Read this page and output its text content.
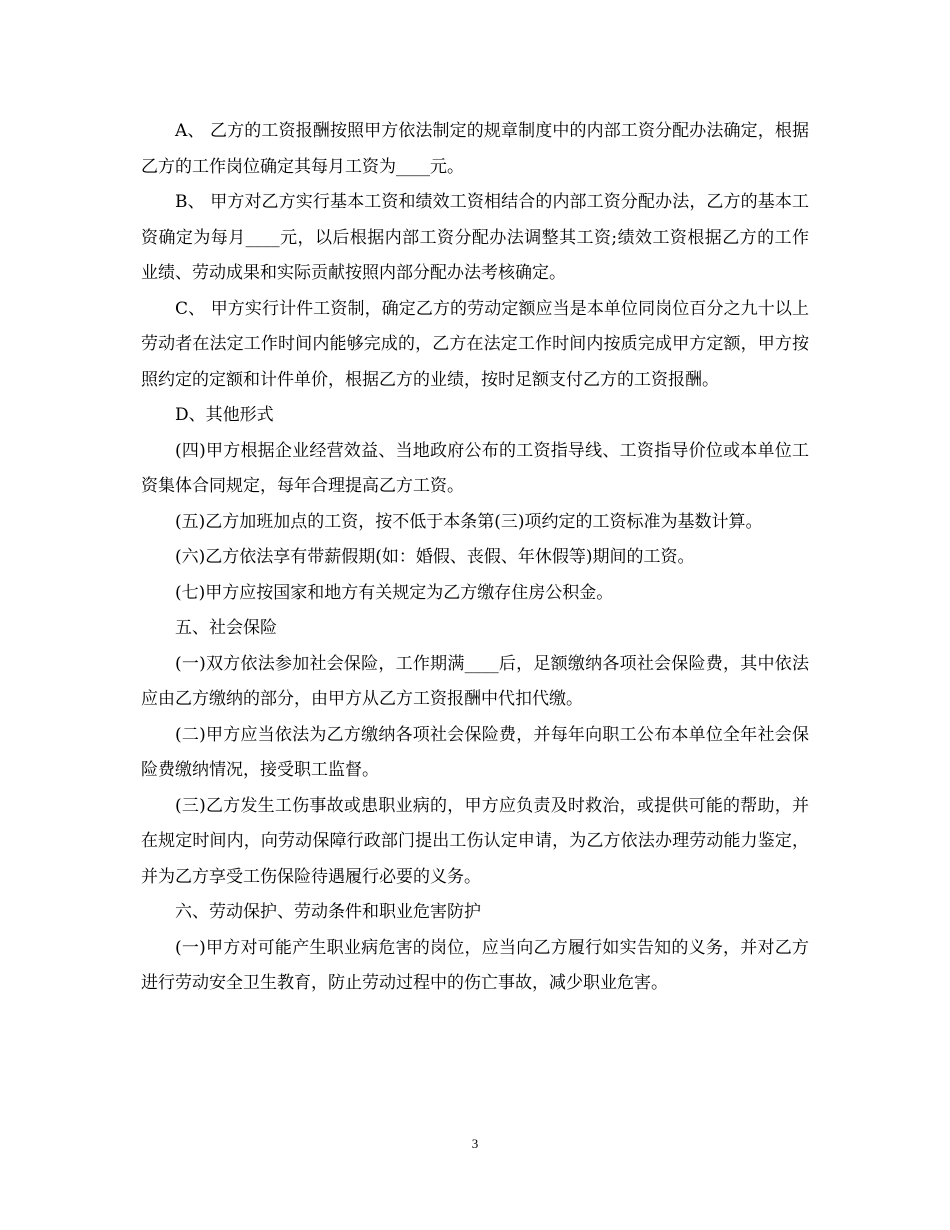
A、 乙方的工资报酬按照甲方依法制定的规章制度中的内部工资分配办法确定，根据乙方的工作岗位确定其每月工资为____元。

B、 甲方对乙方实行基本工资和绩效工资相结合的内部工资分配办法，乙方的基本工资确定为每月____元，以后根据内部工资分配办法调整其工资;绩效工资根据乙方的工作业绩、劳动成果和实际贡献按照内部分配办法考核确定。

C、 甲方实行计件工资制，确定乙方的劳动定额应当是本单位同岗位百分之九十以上劳动者在法定工作时间内能够完成的，乙方在法定工作时间内按质完成甲方定额，甲方按照约定的定额和计件单价，根据乙方的业绩，按时足额支付乙方的工资报酬。

D、其他形式

(四)甲方根据企业经营效益、当地政府公布的工资指导线、工资指导价位或本单位工资集体合同规定，每年合理提高乙方工资。

(五)乙方加班加点的工资，按不低于本条第(三)项约定的工资标准为基数计算。

(六)乙方依法享有带薪假期(如：婚假、丧假、年休假等)期间的工资。

(七)甲方应按国家和地方有关规定为乙方缴存住房公积金。

五、社会保险

(一)双方依法参加社会保险，工作期满____后，足额缴纳各项社会保险费，其中依法应由乙方缴纳的部分，由甲方从乙方工资报酬中代扣代缴。

(二)甲方应当依法为乙方缴纳各项社会保险费，并每年向职工公布本单位全年社会保险费缴纳情况，接受职工监督。

(三)乙方发生工伤事故或患职业病的，甲方应负责及时救治，或提供可能的帮助，并在规定时间内，向劳动保障行政部门提出工伤认定申请，为乙方依法办理劳动能力鉴定，并为乙方享受工伤保险待遇履行必要的义务。

六、劳动保护、劳动条件和职业危害防护

(一)甲方对可能产生职业病危害的岗位，应当向乙方履行如实告知的义务，并对乙方进行劳动安全卫生教育，防止劳动过程中的伤亡事故，减少职业危害。

3
